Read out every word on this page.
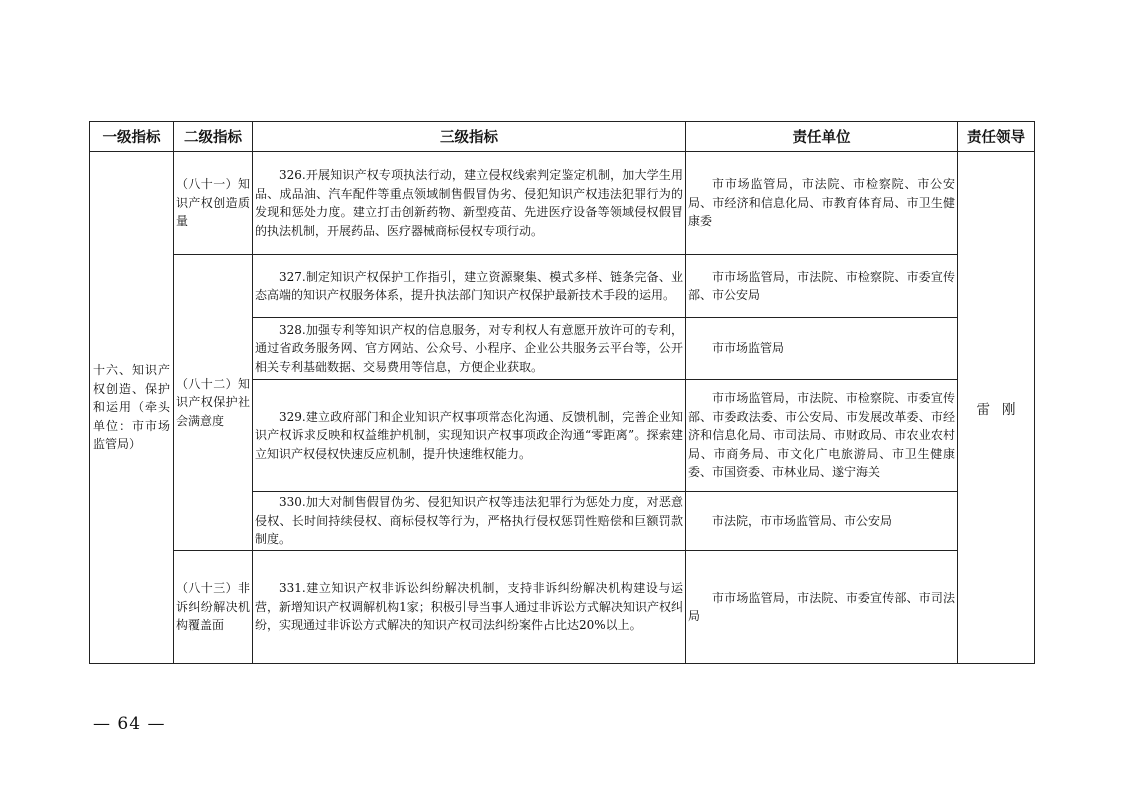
一级指标	二级指标	三级指标	责任单位	责任领导

十六、知识产权创造、保护和运用（牵头单位：市市场监管局）	（八十一）知识产权创造质量	326.开展知识产权专项执法行动，建立侵权线索判定鉴定机制，加大学生用品、成品油、汽车配件等重点领域制售假冒伪劣、侵犯知识产权违法犯罪行为的发现和惩处力度。建立打击创新药物、新型疫苗、先进医疗设备等领域侵权假冒的执法机制，开展药品、医疗器械商标侵权专项行动。	市市场监管局，市法院、市检察院、市公安局、市经济和信息化局、市教育体育局、市卫生健康委	雷刚

	（八十二）知识产权保护社会满意度	327.制定知识产权保护工作指引，建立资源聚集、模式多样、链条完备、业态高端的知识产权服务体系，提升执法部门知识产权保护最新技术手段的运用。	市市场监管局，市法院、市检察院、市委宣传部、市公安局	

		328.加强专利等知识产权的信息服务，对专利权人有意愿开放许可的专利，通过省政务服务网、官方网站、公众号、小程序、企业公共服务云平台等，公开相关专利基础数据、交易费用等信息，方便企业获取。	市市场监管局	

		329.建立政府部门和企业知识产权事项常态化沟通、反馈机制，完善企业知识产权诉求反映和权益维护机制，实现知识产权事项政企沟通“零距离”。探索建立知识产权侵权快速反应机制，提升快速维权能力。	市市场监管局，市法院、市检察院、市委宣传部、市委政法委、市公安局、市发展改革委、市经济和信息化局、市司法局、市财政局、市农业农村局、市商务局、市文化广电旅游局、市卫生健康委、市国资委、市林业局、遂宁海关	

		330.加大对制售假冒伪劣、侵犯知识产权等违法犯罪行为惩处力度，对恶意侵权、长时间持续侵权、商标侵权等行为，严格执行侵权惩罚性赔偿和巨额罚款制度。	市法院，市市场监管局、市公安局	

	（八十三）非诉纠纷解决机构覆盖面	331.建立知识产权非诉讼纠纷解决机制，支持非诉纠纷解决机构建设与运营，新增知识产权调解机构1家；积极引导当事人通过非诉讼方式解决知识产权纠纷，实现通过非诉讼方式解决的知识产权司法纠纷案件占比达20%以上。	市市场监管局，市法院、市委宣传部、市司法局	
— 64 —
